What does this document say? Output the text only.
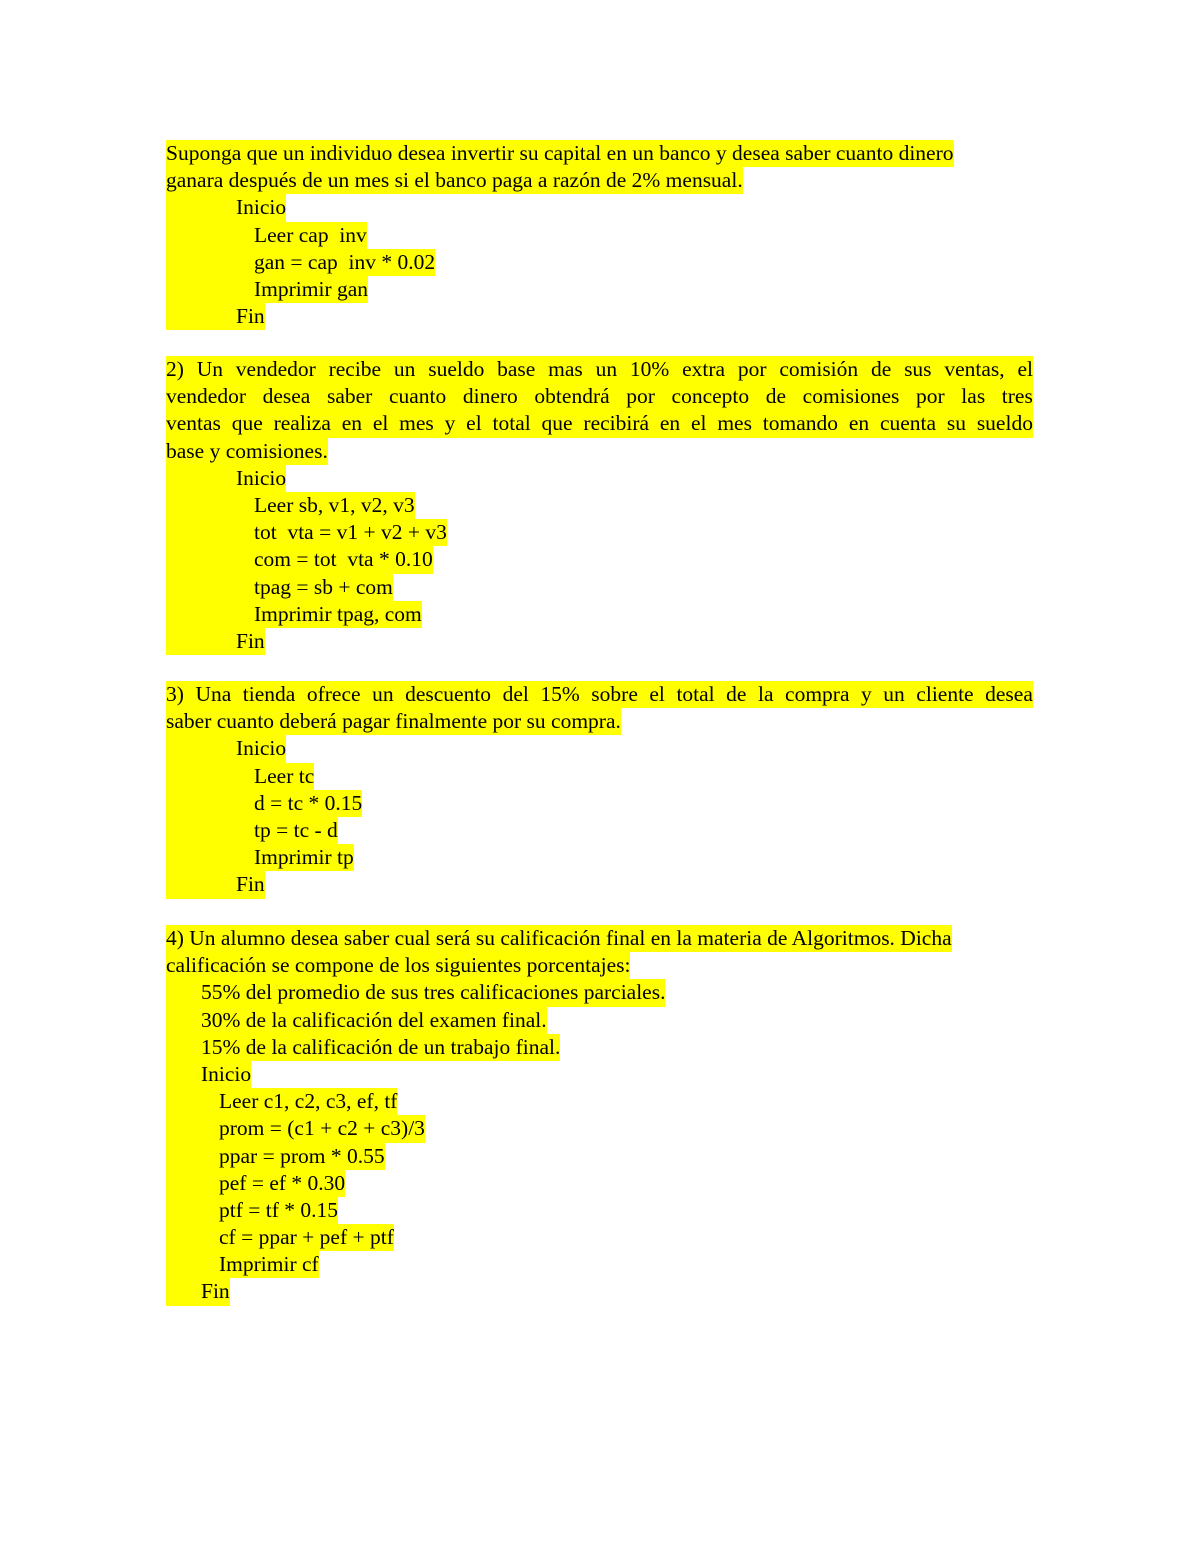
Suponga que un individuo desea invertir su capital en un banco y desea saber cuanto dinero
ganara después de un mes si el banco paga a razón de 2% mensual.
Inicio
Leer cap  inv
gan = cap  inv * 0.02
Imprimir gan
Fin
2) Un vendedor recibe un sueldo base mas un 10% extra por comisión de sus ventas, el
vendedor desea saber cuanto dinero obtendrá por concepto de comisiones por las tres
ventas que realiza en el mes y el total que recibirá en el mes tomando en cuenta su sueldo
base y comisiones.
Inicio
Leer sb, v1, v2, v3
tot  vta = v1 + v2 + v3
com = tot  vta * 0.10
tpag = sb + com
Imprimir tpag, com
Fin
3) Una tienda ofrece un descuento del 15% sobre el total de la compra y un cliente desea
saber cuanto deberá pagar finalmente por su compra.
Inicio
Leer tc
d = tc * 0.15
tp = tc - d
Imprimir tp
Fin
4) Un alumno desea saber cual será su calificación final en la materia de Algoritmos. Dicha
calificación se compone de los siguientes porcentajes:
55% del promedio de sus tres calificaciones parciales.
30% de la calificación del examen final.
15% de la calificación de un trabajo final.
Inicio
Leer c1, c2, c3, ef, tf
prom = (c1 + c2 + c3)/3
ppar = prom * 0.55
pef = ef * 0.30
ptf = tf * 0.15
cf = ppar + pef + ptf
Imprimir cf
Fin
